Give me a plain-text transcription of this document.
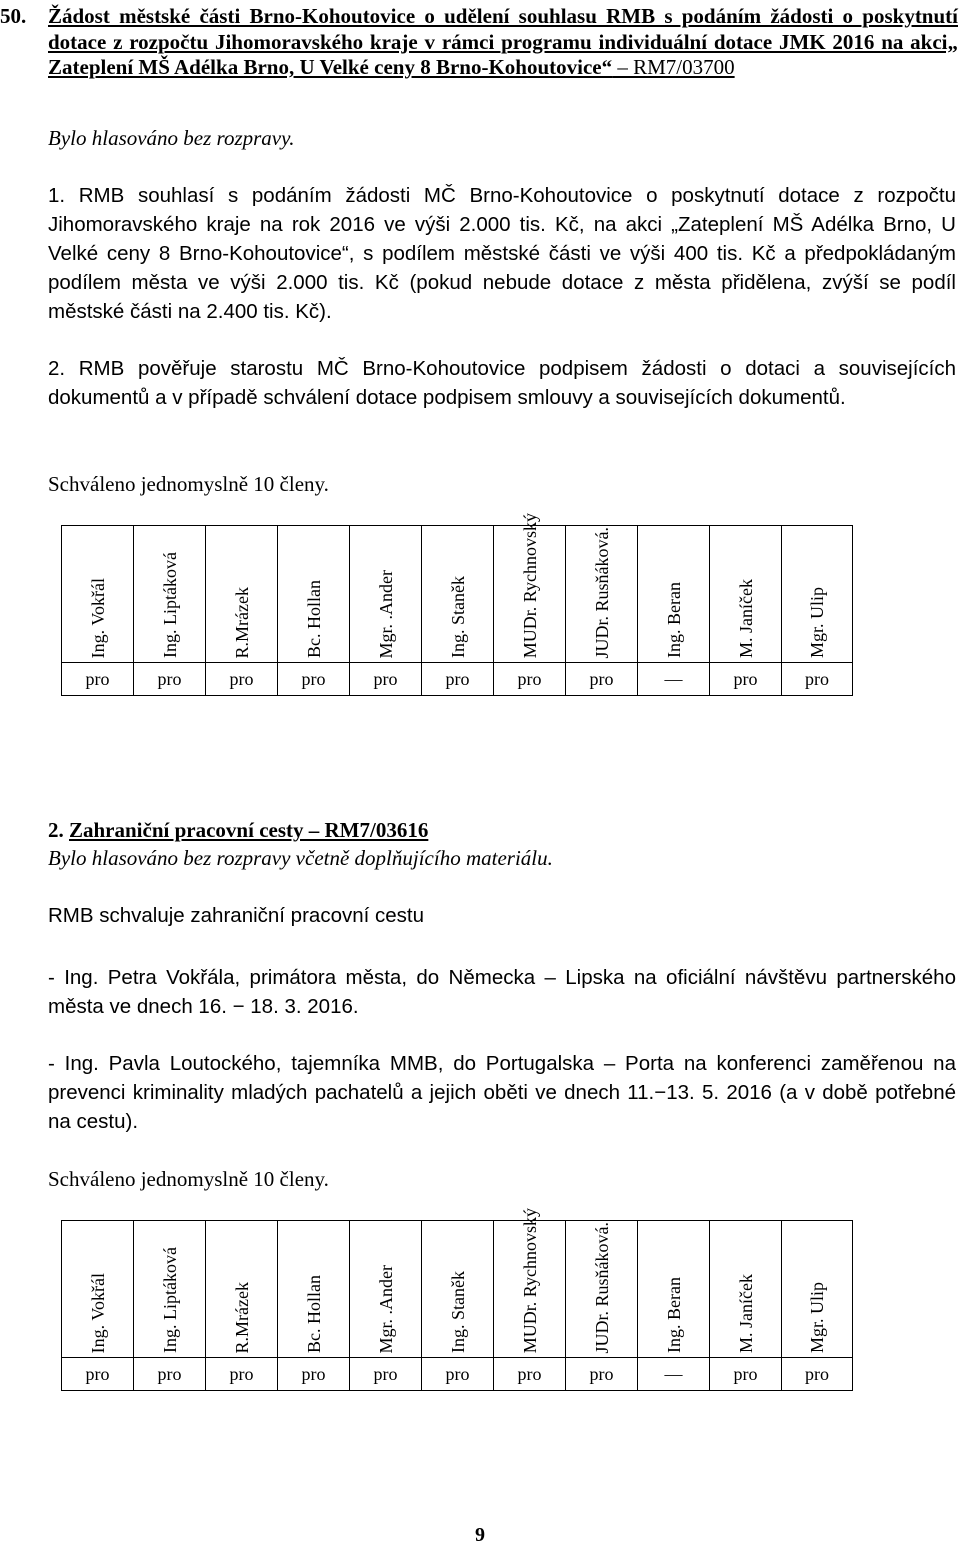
50.	Žádost městské části Brno-Kohoutovice o udělení souhlasu RMB s podáním žádosti o poskytnutí dotace z rozpočtu Jihomoravského kraje v rámci programu individuální dotace JMK 2016 na akci„ Zateplení MŠ Adélka Brno, U Velké ceny 8 Brno-Kohoutovice“ – RM7/03700
Bylo hlasováno bez rozpravy.
1. RMB souhlasí s podáním žádosti MČ Brno-Kohoutovice o poskytnutí dotace z rozpočtu Jihomoravského kraje na rok 2016 ve výši 2.000 tis. Kč, na akci „Zateplení MŠ Adélka Brno, U Velké ceny 8 Brno-Kohoutovice“, s podílem městské části ve výši 400 tis. Kč a předpokládaným podílem města ve výši 2.000 tis. Kč (pokud nebude dotace z města přidělena, zvýší se podíl městské části na 2.400 tis. Kč).
2. RMB pověřuje starostu MČ Brno-Kohoutovice podpisem žádosti o dotaci a souvisejících dokumentů a v případě schválení dotace podpisem smlouvy a souvisejících dokumentů.
Schváleno jednomyslně 10 členy.
Ing. Vokřál	Ing. Liptáková	R.Mrázek	Bc. Hollan	Mgr. .Ander	Ing. Staněk	MUDr. Rychnovský	JUDr. Rusňáková.	Ing. Beran	M. Janíček	Mgr. Ulip

pro	pro	pro	pro	pro	pro	pro	pro	—	pro	pro
2. Zahraniční pracovní cesty – RM7/03616
Bylo hlasováno bez rozpravy včetně doplňujícího materiálu.
RMB schvaluje zahraniční pracovní cestu
- Ing. Petra Vokřála, primátora města, do Německa – Lipska na oficiální návštěvu partnerského města ve dnech 16. − 18. 3. 2016.
- Ing. Pavla Loutockého, tajemníka MMB, do Portugalska – Porta na konferenci zaměřenou na prevenci kriminality mladých pachatelů a jejich oběti ve dnech 11.−13. 5. 2016 (a v době potřebné na cestu).
Schváleno jednomyslně 10 členy.
Ing. Vokřál	Ing. Liptáková	R.Mrázek	Bc. Hollan	Mgr. .Ander	Ing. Staněk	MUDr. Rychnovský	JUDr. Rusňáková.	Ing. Beran	M. Janíček	Mgr. Ulip

pro	pro	pro	pro	pro	pro	pro	pro	—	pro	pro
9
